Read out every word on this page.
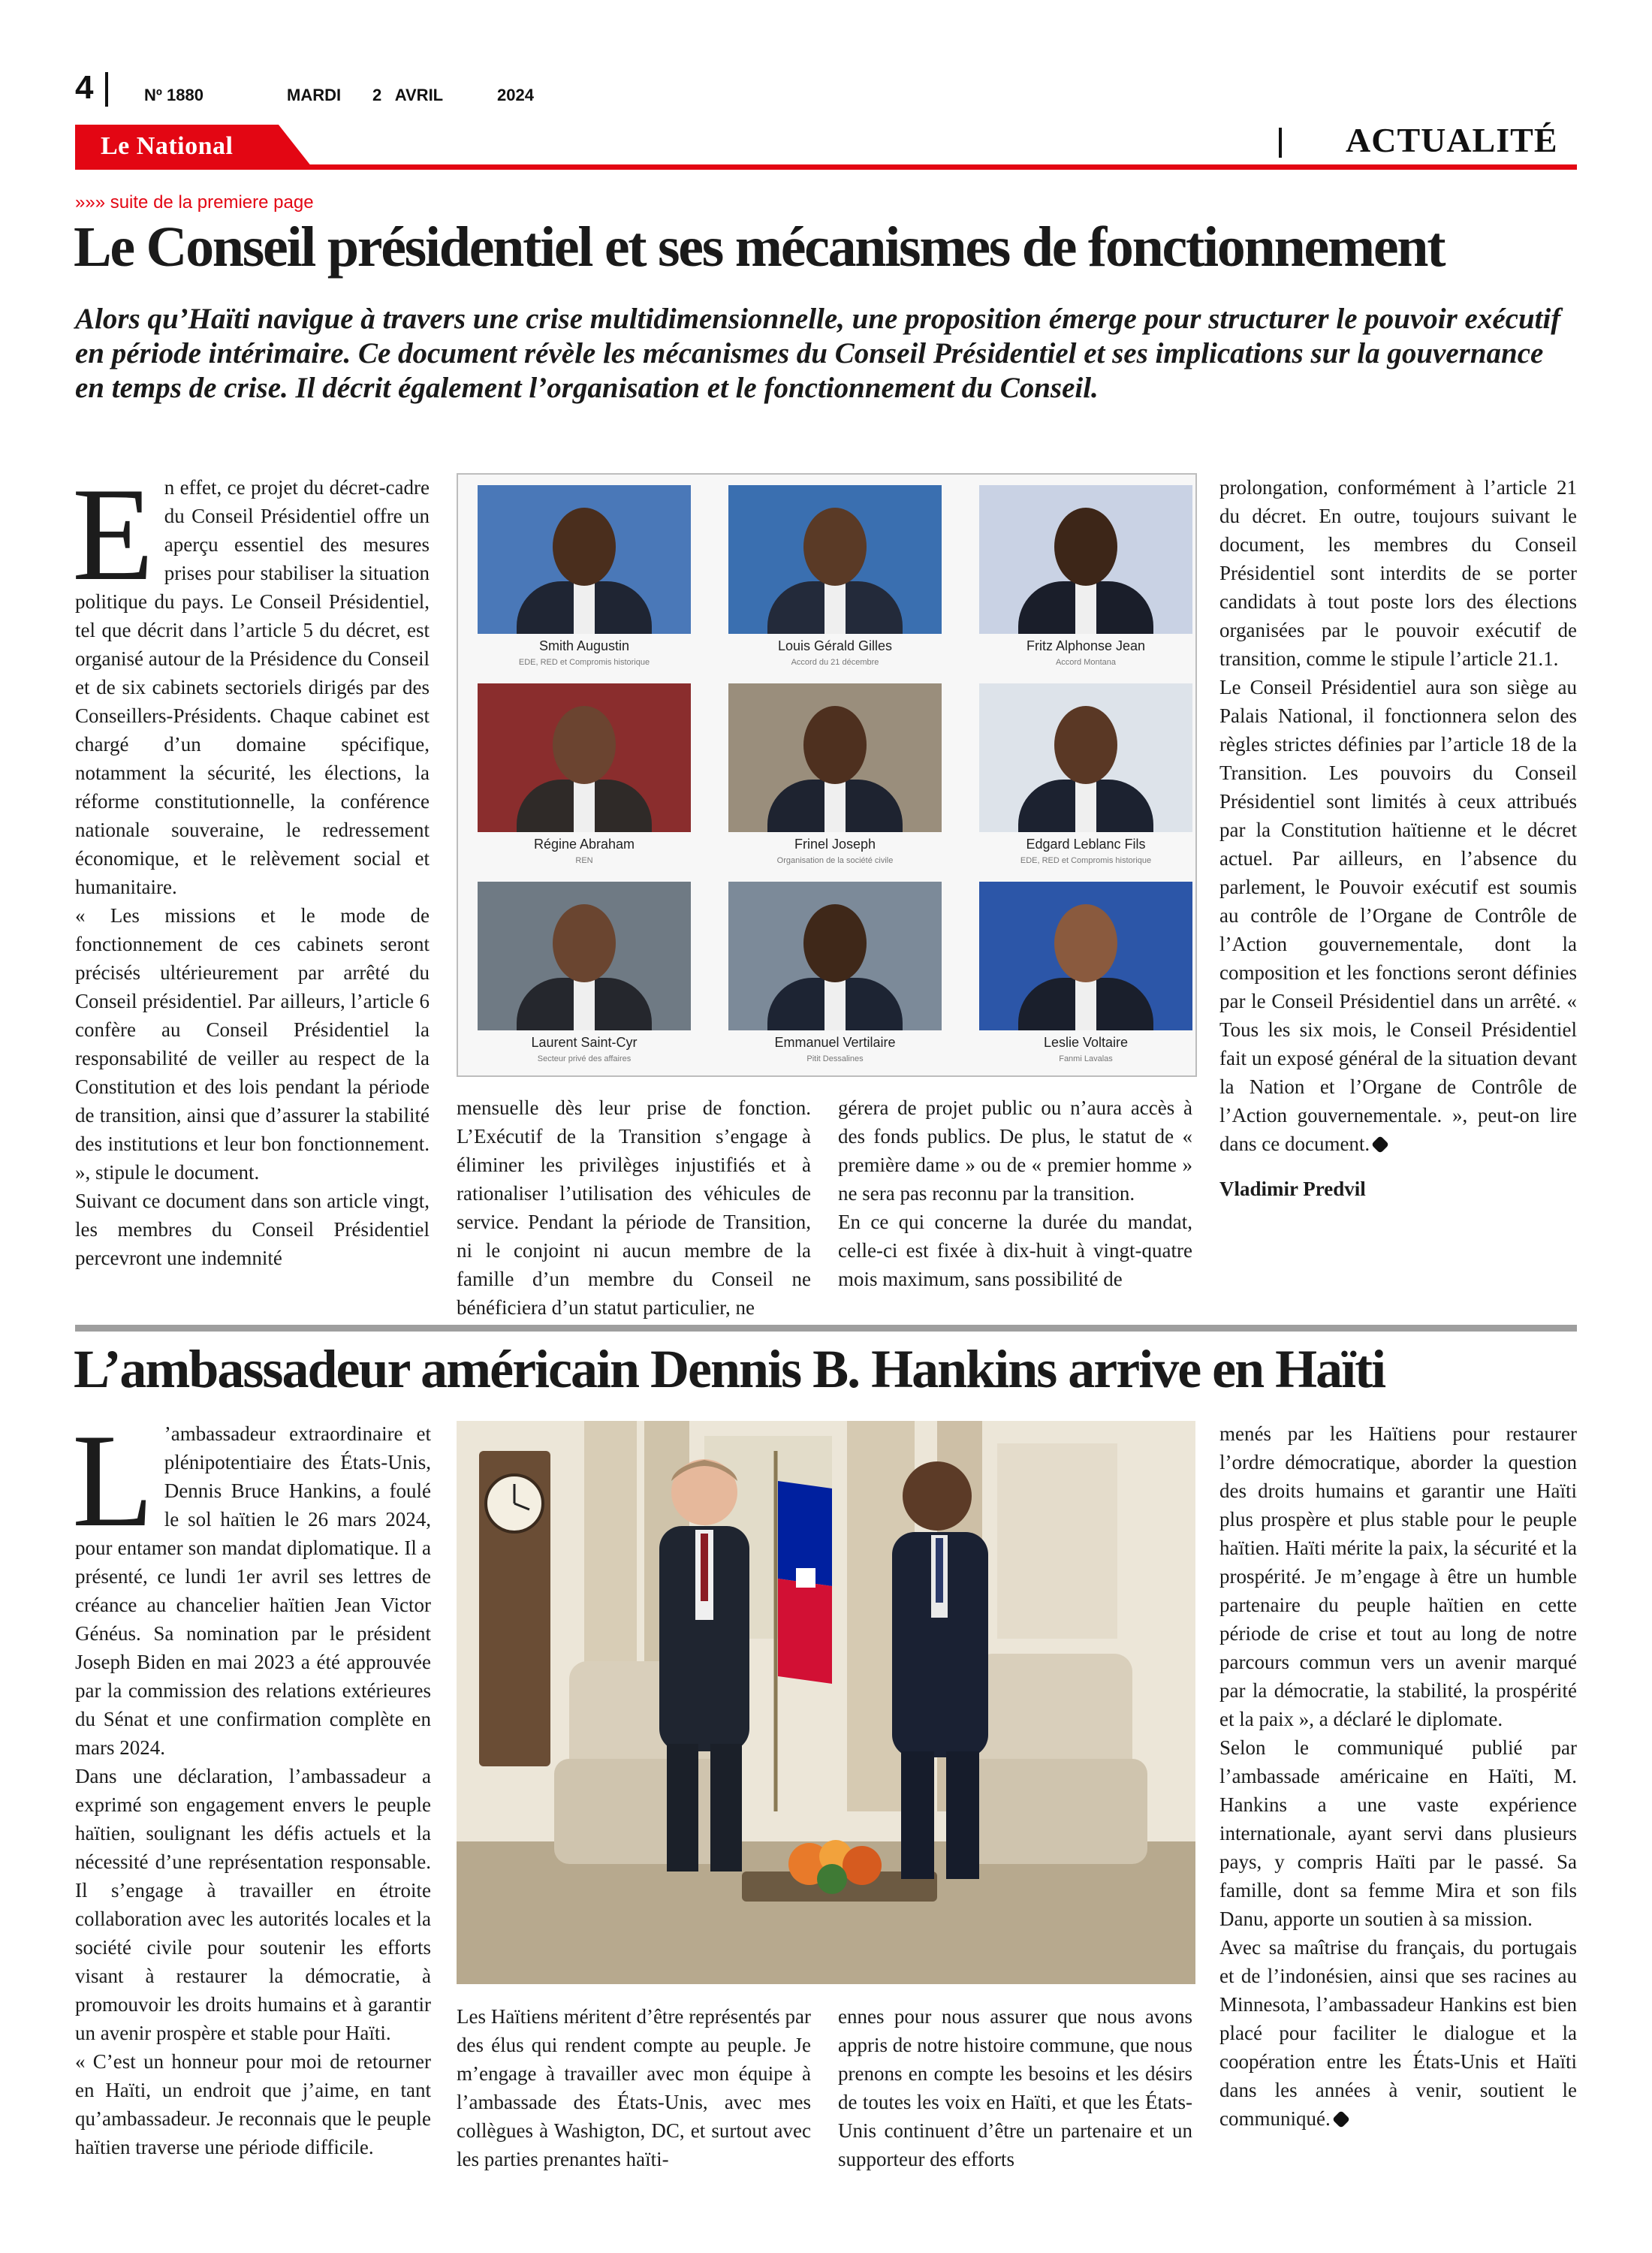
4	Nº 1880	MARDI 2   AVRIL	2024
Le National	ACTUALITÉ
»»» suite de la premiere page
Le Conseil présidentiel et ses mécanismes de fonctionnement
Alors qu’Haïti navigue à travers une crise multidimensionnelle, une proposition émerge pour structurer le pouvoir exécutif en période intérimaire. Ce document révèle les mécanismes du Conseil Présidentiel et ses implications sur la gouvernance en temps de crise. Il décrit également l’organisation et le fonctionnement du Conseil.
E n effet, ce projet du décret-cadre du Conseil Présidentiel offre un aperçu essentiel des mesures prises pour stabiliser la situation politique du pays. Le Conseil Présidentiel, tel que décrit dans l’article 5 du décret, est organisé autour de la Présidence du Conseil et de six cabinets sectoriels dirigés par des Conseillers-Présidents. Chaque cabinet est chargé d’un domaine spécifique, notamment la sécurité, les élections, la réforme constitutionnelle, la conférence nationale souveraine, le redressement économique, et le relèvement social et humanitaire.

« Les missions et le mode de fonctionnement de ces cabinets seront précisés ultérieurement par arrêté du Conseil présidentiel. Par ailleurs, l’article 6 confère au Conseil Présidentiel la responsabilité de veiller au respect de la Constitution et des lois pendant la période de transition, ainsi que d’assurer la stabilité des institutions et leur bon fonctionnement. », stipule le document.

Suivant ce document dans son article vingt, les membres du Conseil Présidentiel percevront une indemnité

Smith Augustin
EDE, RED et Compromis historique
Louis Gérald Gilles
Accord du 21 décembre
Fritz Alphonse Jean
Accord Montana
Régine Abraham
REN
Frinel Joseph
Organisation de la société civile
Edgard Leblanc Fils
EDE, RED et Compromis historique
Laurent Saint-Cyr
Secteur privé des affaires
Emmanuel Vertilaire
Pitit Dessalines
Leslie Voltaire
Fanmi Lavalas

mensuelle dès leur prise de fonction. L’Exécutif de la Transition s’engage à éliminer les privilèges injustifiés et à rationaliser l’utilisation des véhicules de service. Pendant la période de Transition, ni le conjoint ni aucun membre de la famille d’un membre du Conseil ne bénéficiera d’un statut particulier, ne

gérera de projet public ou n’aura accès à des fonds publics. De plus, le statut de « première dame » ou de « premier homme » ne sera pas reconnu par la transition.

En ce qui concerne la durée du mandat, celle-ci est fixée à dix-huit à vingt-quatre mois maximum, sans possibilité de

prolongation, conformément à l’article 21 du décret. En outre, toujours suivant le document, les membres du Conseil Présidentiel sont interdits de se porter candidats à tout poste lors des élections organisées par le pouvoir exécutif de transition, comme le stipule l’article 21.1.

Le Conseil Présidentiel aura son siège au Palais National, il fonctionnera selon des règles strictes définies par l’article 18 de la Transition. Les pouvoirs du Conseil Présidentiel sont limités à ceux attribués par la Constitution haïtienne et le décret actuel. Par ailleurs, en l’absence du parlement, le Pouvoir exécutif est soumis au contrôle de l’Organe de Contrôle de l’Action gouvernementale, dont la composition et les fonctions seront définies par le Conseil Présidentiel dans un arrêté. « Tous les six mois, le Conseil Présidentiel fait un exposé général de la situation devant la Nation et l’Organe de Contrôle de l’Action gouvernementale. », peut-on lire dans ce document.

Vladimir Predvil

L’ambassadeur américain Dennis B. Hankins arrive en Haïti
L ’ambassadeur extraordinaire et plénipotentiaire des États-Unis, Dennis Bruce Hankins, a foulé le sol haïtien le 26 mars 2024, pour entamer son mandat diplomatique. Il a présenté, ce lundi 1er avril ses lettres de créance au chancelier haïtien Jean Victor Généus. Sa nomination par le président Joseph Biden en mai 2023 a été approuvée par la commission des relations extérieures du Sénat et une confirmation complète en mars 2024.

Dans une déclaration, l’ambassadeur a exprimé son engagement envers le peuple haïtien, soulignant les défis actuels et la nécessité d’une représentation responsable. Il s’engage à travailler en étroite collaboration avec les autorités locales et la société civile pour soutenir les efforts visant à restaurer la démocratie, à promouvoir les droits humains et à garantir un avenir prospère et stable pour Haïti.

« C’est un honneur pour moi de retourner en Haïti, un endroit que j’aime, en tant qu’ambassadeur. Je reconnais que le peuple haïtien traverse une période difficile.

Les Haïtiens méritent d’être représentés par des élus qui rendent compte au peuple. Je m’engage à travailler avec mon équipe à l’ambassade des États-Unis, avec mes collègues à Washigton, DC, et surtout avec les parties prenantes haïti-

ennes pour nous assurer que nous avons appris de notre histoire commune, que nous prenons en compte les besoins et les désirs de toutes les voix en Haïti, et que les États-Unis continuent d’être un partenaire et un supporteur des efforts

menés par les Haïtiens pour restaurer l’ordre démocratique, aborder la question des droits humains et garantir une Haïti plus prospère et plus stable pour le peuple haïtien. Haïti mérite la paix, la sécurité et la prospérité. Je m’engage à être un humble partenaire du peuple haïtien en cette période de crise et tout au long de notre parcours commun vers un avenir marqué par la démocratie, la stabilité, la prospérité et la paix », a déclaré le diplomate.

Selon le communiqué publié par l’ambassade américaine en Haïti, M. Hankins a une vaste expérience internationale, ayant servi dans plusieurs pays, y compris Haïti par le passé. Sa famille, dont sa femme Mira et son fils Danu, apporte un soutien à sa mission.

Avec sa maîtrise du français, du portugais et de l’indonésien, ainsi que ses racines au Minnesota, l’ambassadeur Hankins est bien placé pour faciliter le dialogue et la coopération entre les États-Unis et Haïti dans les années à venir, soutient le communiqué.
